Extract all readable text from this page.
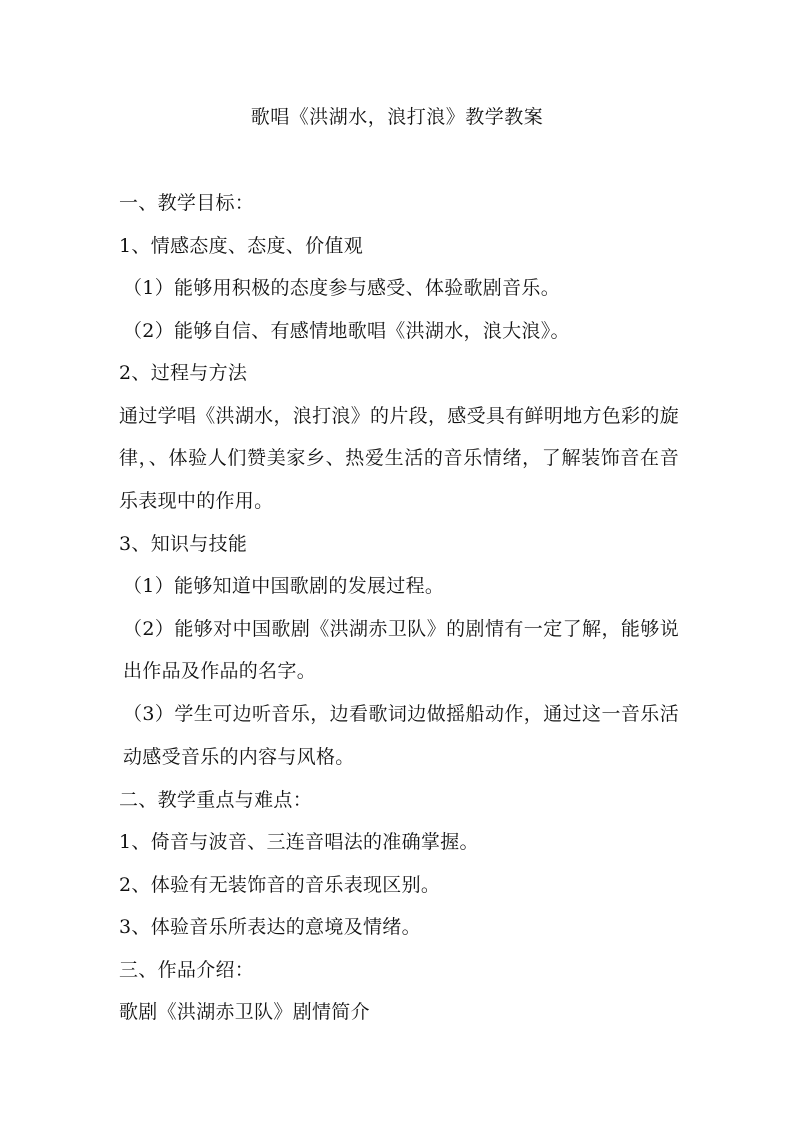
歌唱《洪湖水，浪打浪》教学教案
一、教学目标：
1、情感态度、态度、价值观
（1）能够用积极的态度参与感受、体验歌剧音乐。
（2）能够自信、有感情地歌唱《洪湖水，浪大浪》。
2、过程与方法
通过学唱《洪湖水，浪打浪》的片段，感受具有鲜明地方色彩的旋律，、体验人们赞美家乡、热爱生活的音乐情绪，了解装饰音在音乐表现中的作用。
3、知识与技能
（1）能够知道中国歌剧的发展过程。
（2）能够对中国歌剧《洪湖赤卫队》的剧情有一定了解，能够说出作品及作品的名字。
（3）学生可边听音乐，边看歌词边做摇船动作，通过这一音乐活动感受音乐的内容与风格。
二、教学重点与难点：
1、倚音与波音、三连音唱法的准确掌握。
2、体验有无装饰音的音乐表现区别。
3、体验音乐所表达的意境及情绪。
三、作品介绍：
歌剧《洪湖赤卫队》剧情简介
